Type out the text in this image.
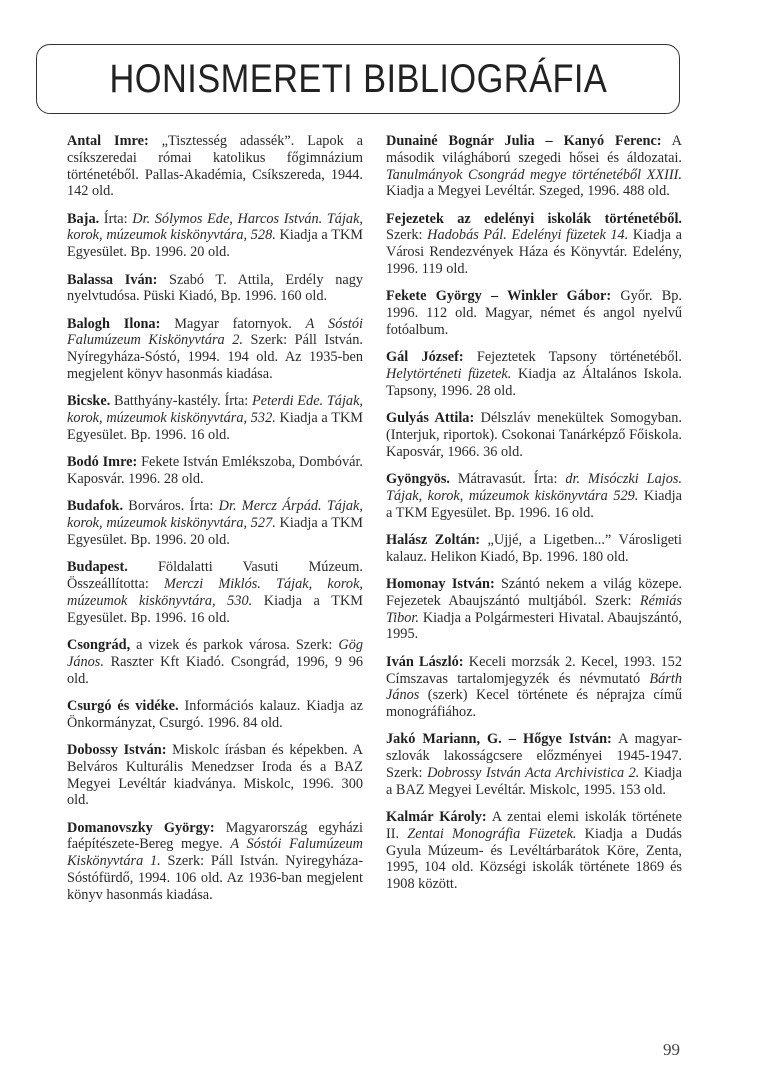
HONISMERETI BIBLIOGRÁFIA
Antal Imre: „Tisztesség adassék”. Lapok a csíkszeredai római katolikus főgimnázium történetéből. Pallas-Akadémia, Csíkszereda, 1944. 142 old.
Baja. Írta: Dr. Sólymos Ede, Harcos István. Tájak, korok, múzeumok kiskönyvtára, 528. Kiadja a TKM Egyesület. Bp. 1996. 20 old.
Balassa Iván: Szabó T. Attila, Erdély nagy nyelvtudósa. Püski Kiadó, Bp. 1996. 160 old.
Balogh Ilona: Magyar fatornyok. A Sóstói Falumúzeum Kiskönyvtára 2. Szerk: Páll István. Nyíregyháza-Sóstó, 1994. 194 old. Az 1935-ben megjelent könyv hasonmás kiadása.
Bicske. Batthyány-kastély. Írta: Peterdi Ede. Tájak, korok, múzeumok kiskönyvtára, 532. Kiadja a TKM Egyesület. Bp. 1996. 16 old.
Bodó Imre: Fekete István Emlékszoba, Dombóvár. Kaposvár. 1996. 28 old.
Budafok. Borváros. Írta: Dr. Mercz Árpád. Tájak, korok, múzeumok kiskönyvtára, 527. Kiadja a TKM Egyesület. Bp. 1996. 20 old.
Budapest. Földalatti Vasuti Múzeum. Összeállította: Merczi Miklós. Tájak, korok, múzeumok kiskönyvtára, 530. Kiadja a TKM Egyesület. Bp. 1996. 16 old.
Csongrád, a vizek és parkok városa. Szerk: Gög János. Raszter Kft Kiadó. Csongrád, 1996, 9 96 old.
Csurgó és vidéke. Információs kalauz. Kiadja az Önkormányzat, Csurgó. 1996. 84 old.
Dobossy István: Miskolc írásban és képekben. A Belváros Kulturális Menedzser Iroda és a BAZ Megyei Levéltár kiadványa. Miskolc, 1996. 300 old.
Domanovszky György: Magyarország egyházi faépítészete-Bereg megye. A Sóstói Falumúzeum Kiskönyvtára 1. Szerk: Páll István. Nyiregyháza-Sóstófürdő, 1994. 106 old. Az 1936-ban megjelent könyv hasonmás kiadása.
Dunainé Bognár Julia – Kanyó Ferenc: A második világháború szegedi hősei és áldozatai. Tanulmányok Csongrád megye történetéből XXIII. Kiadja a Megyei Levéltár. Szeged, 1996. 488 old.
Fejezetek az edelényi iskolák történetéből. Szerk: Hadobás Pál. Edelényi füzetek 14. Kiadja a Városi Rendezvények Háza és Könyvtár. Edelény, 1996. 119 old.
Fekete György – Winkler Gábor: Győr. Bp. 1996. 112 old. Magyar, német és angol nyelvű fotóalbum.
Gál József: Fejeztetek Tapsony történetéből. Helytörténeti füzetek. Kiadja az Általános Iskola. Tapsony, 1996. 28 old.
Gulyás Attila: Délszláv menekültek Somogyban. (Interjuk, riportok). Csokonai Tanárképző Főiskola. Kaposvár, 1966. 36 old.
Gyöngyös. Mátravasút. Írta: dr. Misóczki Lajos. Tájak, korok, múzeumok kiskönyvtára 529. Kiadja a TKM Egyesület. Bp. 1996. 16 old.
Halász Zoltán: „Ujjé, a Ligetben...” Városligeti kalauz. Helikon Kiadó, Bp. 1996. 180 old.
Homonay István: Szántó nekem a világ közepe. Fejezetek Abaujszántó multjából. Szerk: Rémiás Tibor. Kiadja a Polgármesteri Hivatal. Abaujszántó, 1995.
Iván László: Keceli morzsák 2. Kecel, 1993. 152 Címszavas tartalomjegyzék és névmutató Bárth János (szerk) Kecel története és néprajza című monográfiához.
Jakó Mariann, G. – Hőgye István: A magyar-szlovák lakosságcsere előzményei 1945-1947. Szerk: Dobrossy István Acta Archivistica 2. Kiadja a BAZ Megyei Levéltár. Miskolc, 1995. 153 old.
Kalmár Károly: A zentai elemi iskolák története II. Zentai Monográfia Füzetek. Kiadja a Dudás Gyula Múzeum- és Levéltárbarátok Köre, Zenta, 1995, 104 old. Községi iskolák története 1869 és 1908 között.
99
